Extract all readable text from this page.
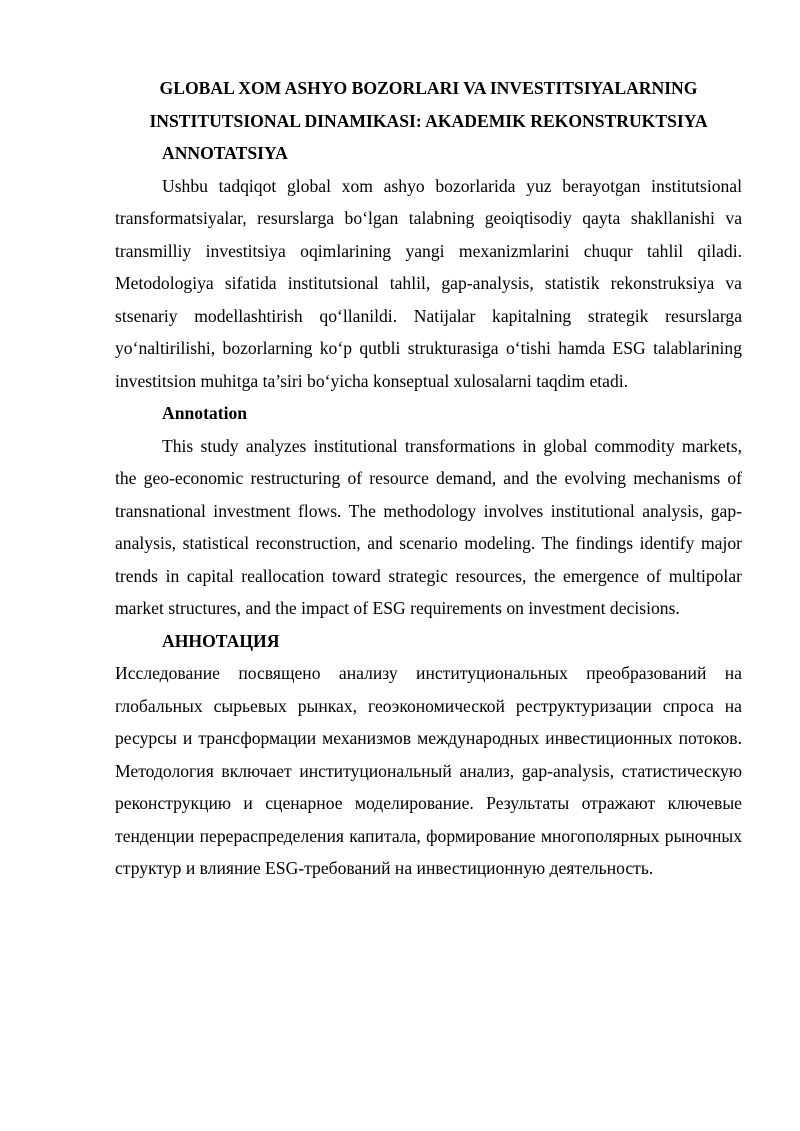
GLOBAL XOM ASHYO BOZORLARI VA INVESTITSIYALARNING
INSTITUTSIONAL DINAMIKASI: AKADEMIK REKONSTRUKTSIYA
ANNOTATSIYA

Ushbu tadqiqot global xom ashyo bozorlarida yuz berayotgan institutsional transformatsiyalar, resurslarga bo‘lgan talabning geoiqtisodiy qayta shakllanishi va transmilliy investitsiya oqimlarining yangi mexanizmlarini chuqur tahlil qiladi. Metodologiya sifatida institutsional tahlil, gap-analysis, statistik rekonstruksiya va stsenariy modellashtirish qo‘llanildi. Natijalar kapitalning strategik resurslarga yo‘naltirilishi, bozorlarning ko‘p qutbli strukturasiga o‘tishi hamda ESG talablarining investitsion muhitga ta’siri bo‘yicha konseptual xulosalarni taqdim etadi.

Annotation

This study analyzes institutional transformations in global commodity markets, the geo-economic restructuring of resource demand, and the evolving mechanisms of transnational investment flows. The methodology involves institutional analysis, gap-analysis, statistical reconstruction, and scenario modeling. The findings identify major trends in capital reallocation toward strategic resources, the emergence of multipolar market structures, and the impact of ESG requirements on investment decisions.

АННОТАЦИЯ

Исследование посвящено анализу институциональных преобразований на глобальных сырьевых рынках, геоэкономической реструктуризации спроса на ресурсы и трансформации механизмов международных инвестиционных потоков. Методология включает институциональный анализ, gap-analysis, статистическую реконструкцию и сценарное моделирование. Результаты отражают ключевые тенденции перераспределения капитала, формирование многополярных рыночных структур и влияние ESG-требований на инвестиционную деятельность.
